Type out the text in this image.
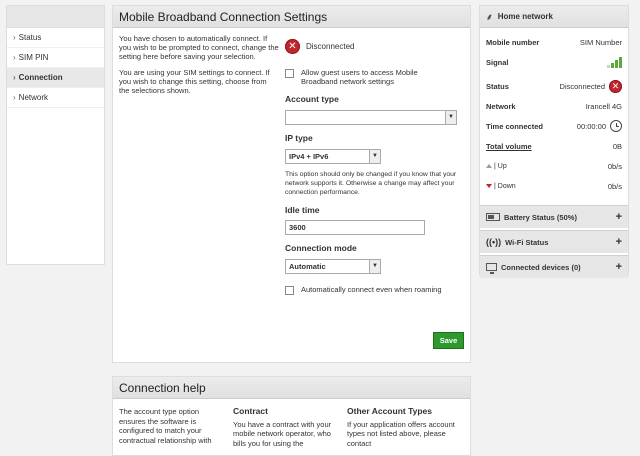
› Status
› SIM PIN
› Connection
› Network
Mobile Broadband Connection Settings

You have chosen to automatically connect. If you wish to be prompted to connect, change the setting here before saving your selection.

You are using your SIM settings to connect. If you wish to change this setting, choose from the selections shown.

✕	Disconnected
Allow guest users to access Mobile Broadband network settings
Account type
▼
IP type
IPv4 + IPv6	▼
This option should only be changed if you know that your network supports it. Otherwise a change may affect your connection performance.
Idle time
3600
Connection mode
Automatic	▼
Automatically connect even when roaming
Save
Connection help
The account type option ensures the software is configured to match your contractual relationship with
Contract
You have a contract with your mobile network operator, who bills you for using the
Other Account Types
If your application offers account types not listed above, please contact
⸙ Home network
Mobile number	SIM Number
Signal
Status	Disconnected ✕
Network	Irancell 4G
Time connected	00:00:00
Total volume	0B
| Up	0b/s
| Down	0b/s
Battery Status (50%)	+
((•)) Wi-Fi Status	+
Connected devices (0)	+
